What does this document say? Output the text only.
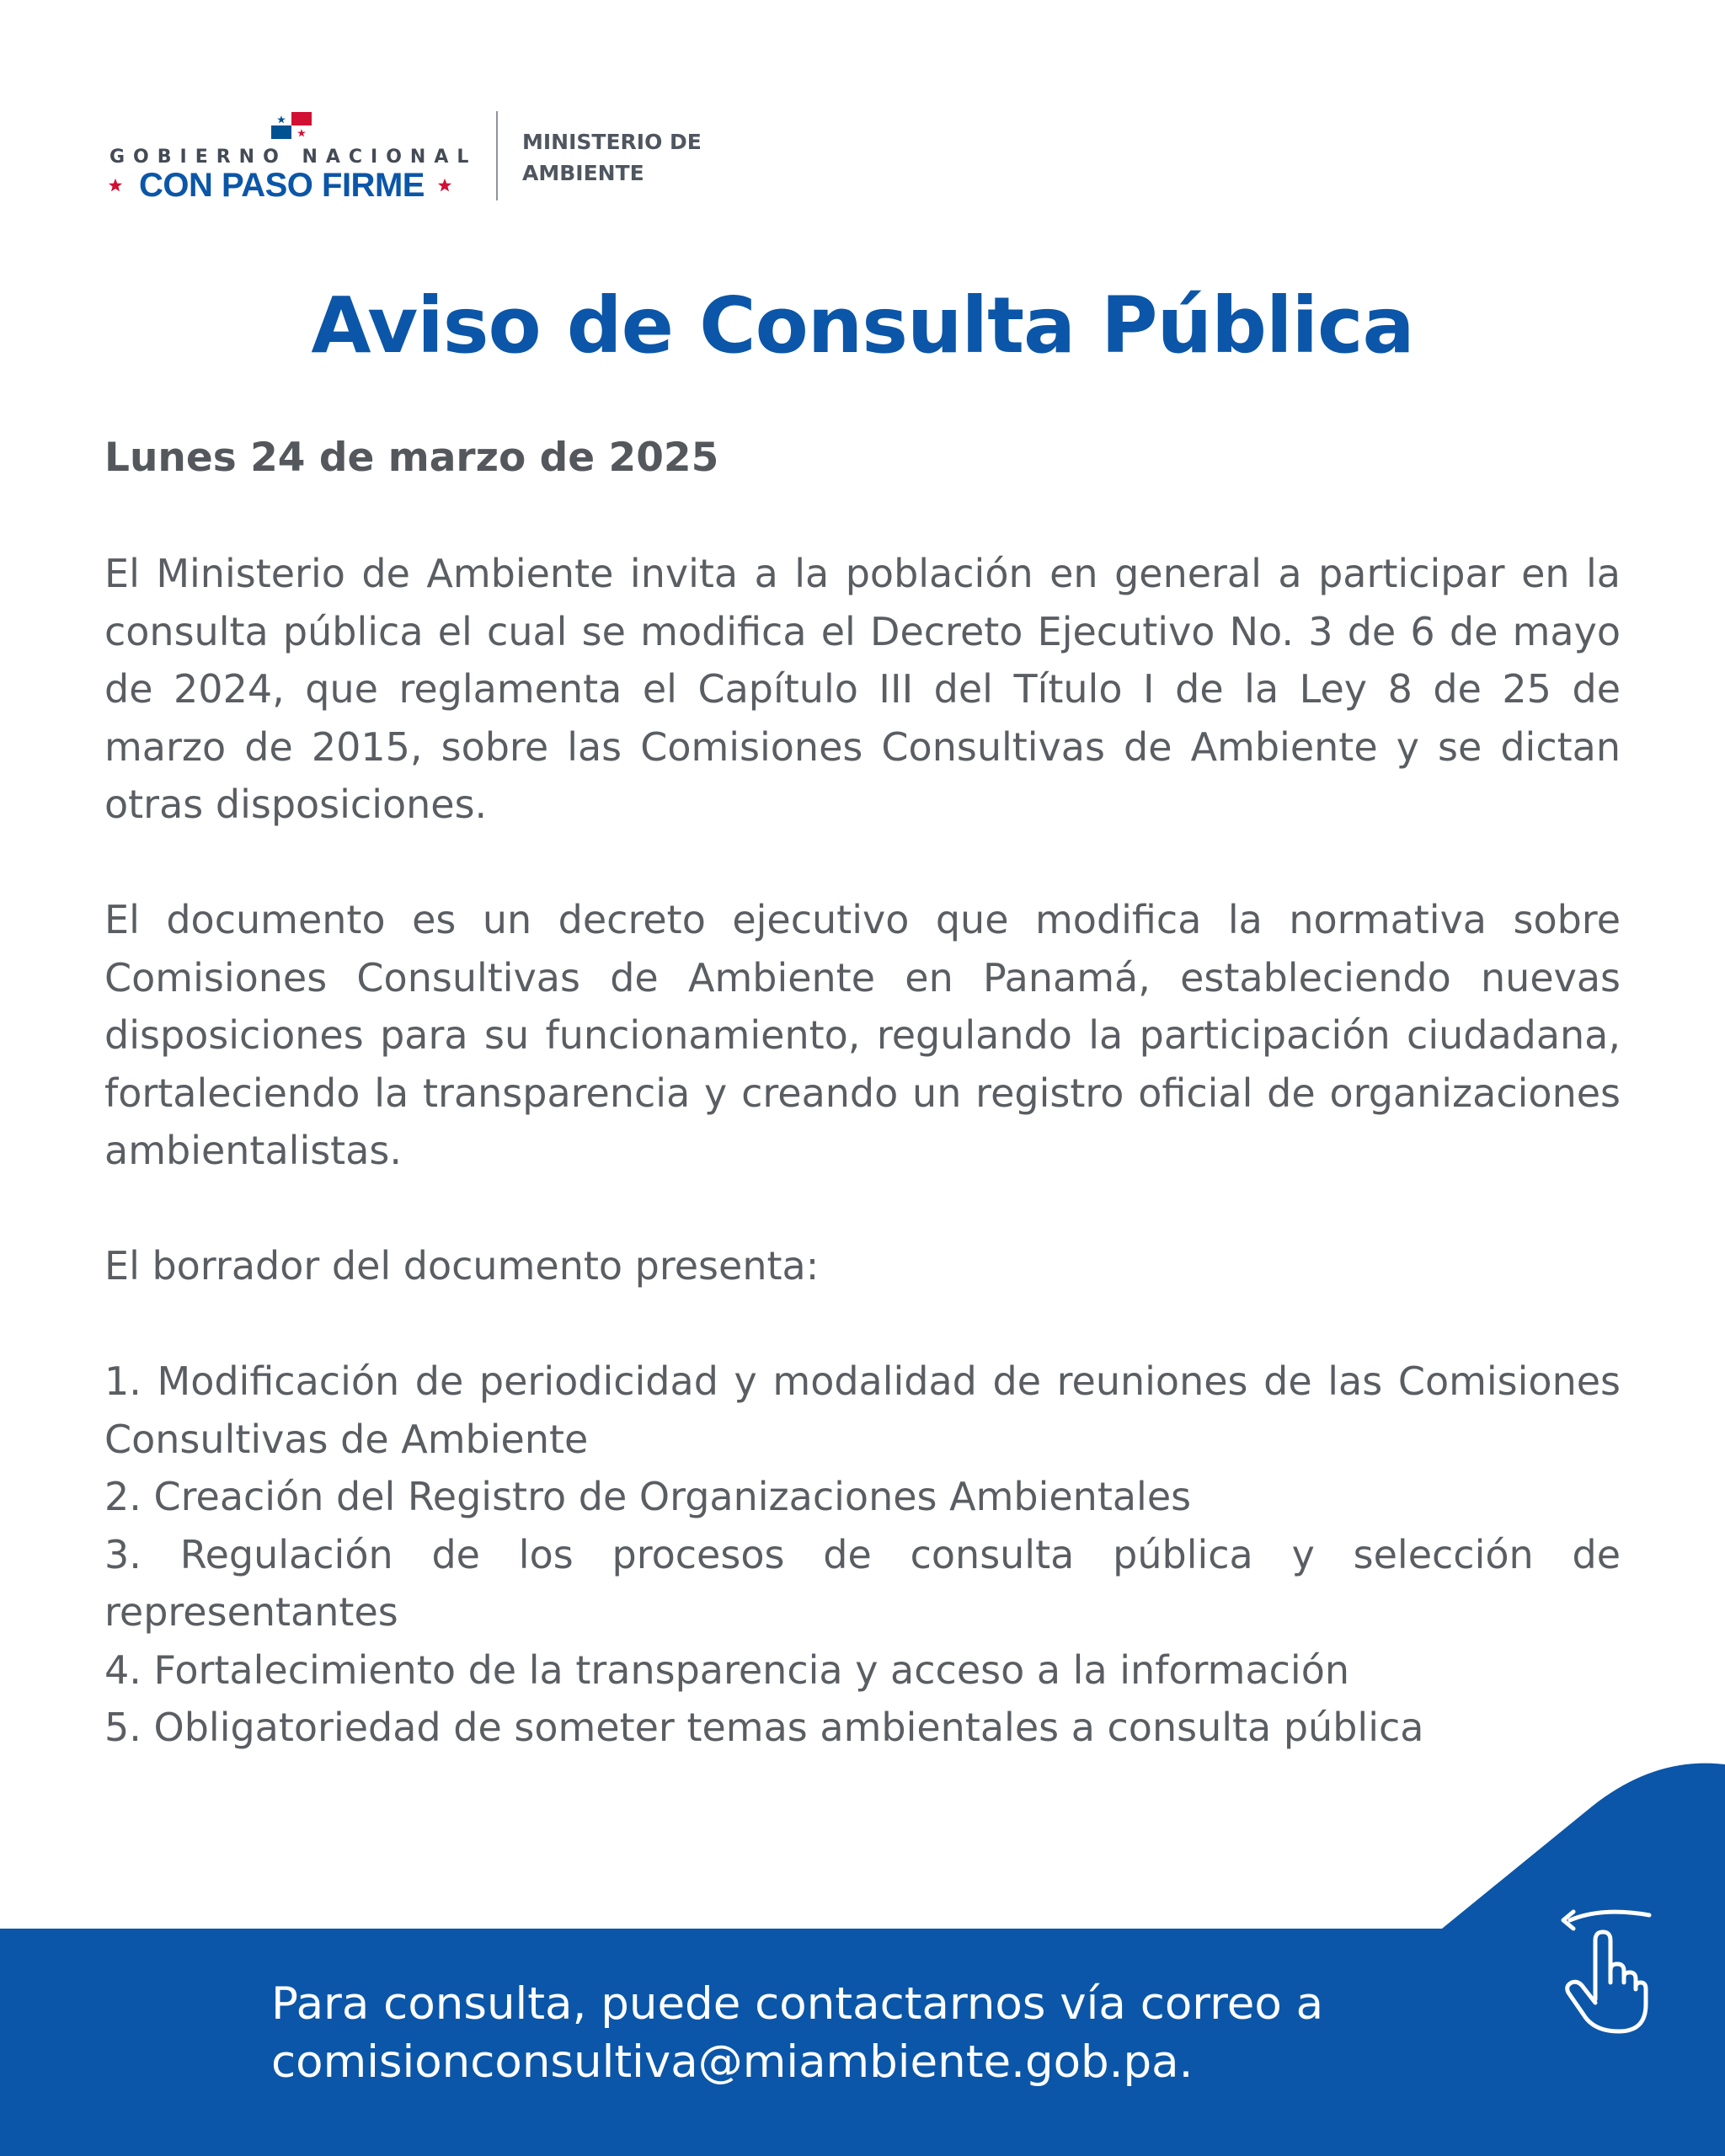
GOBIERNO NACIONAL
CON PASO FIRME
MINISTERIO DE
AMBIENTE
Aviso de Consulta Pública

Lunes 24 de marzo de 2025

El Ministerio de Ambiente invita a la población en general a participar en la consulta pública el cual se modifica el Decreto Ejecutivo No. 3 de 6 de mayo de 2024, que reglamenta el Capítulo III del Título I de la Ley 8 de 25 de marzo de 2015, sobre las Comisiones Consultivas de Ambiente y se dictan otras disposiciones.

El documento es un decreto ejecutivo que modifica la normativa sobre Comisiones Consultivas de Ambiente en Panamá, estableciendo nuevas disposiciones para su funcionamiento, regulando la participación ciudadana, fortaleciendo la transparencia y creando un registro oficial de organizaciones ambientalistas.

El borrador del documento presenta:

1. Modificación de periodicidad y modalidad de reuniones de las Comisiones Consultivas de Ambiente
2. Creación del Registro de Organizaciones Ambientales
3. Regulación de los procesos de consulta pública y selección de representantes
4. Fortalecimiento de la transparencia y acceso a la información
5. Obligatoriedad de someter temas ambientales a consulta pública
Para consulta, puede contactarnos vía correo a
comisionconsultiva@miambiente.gob.pa.
